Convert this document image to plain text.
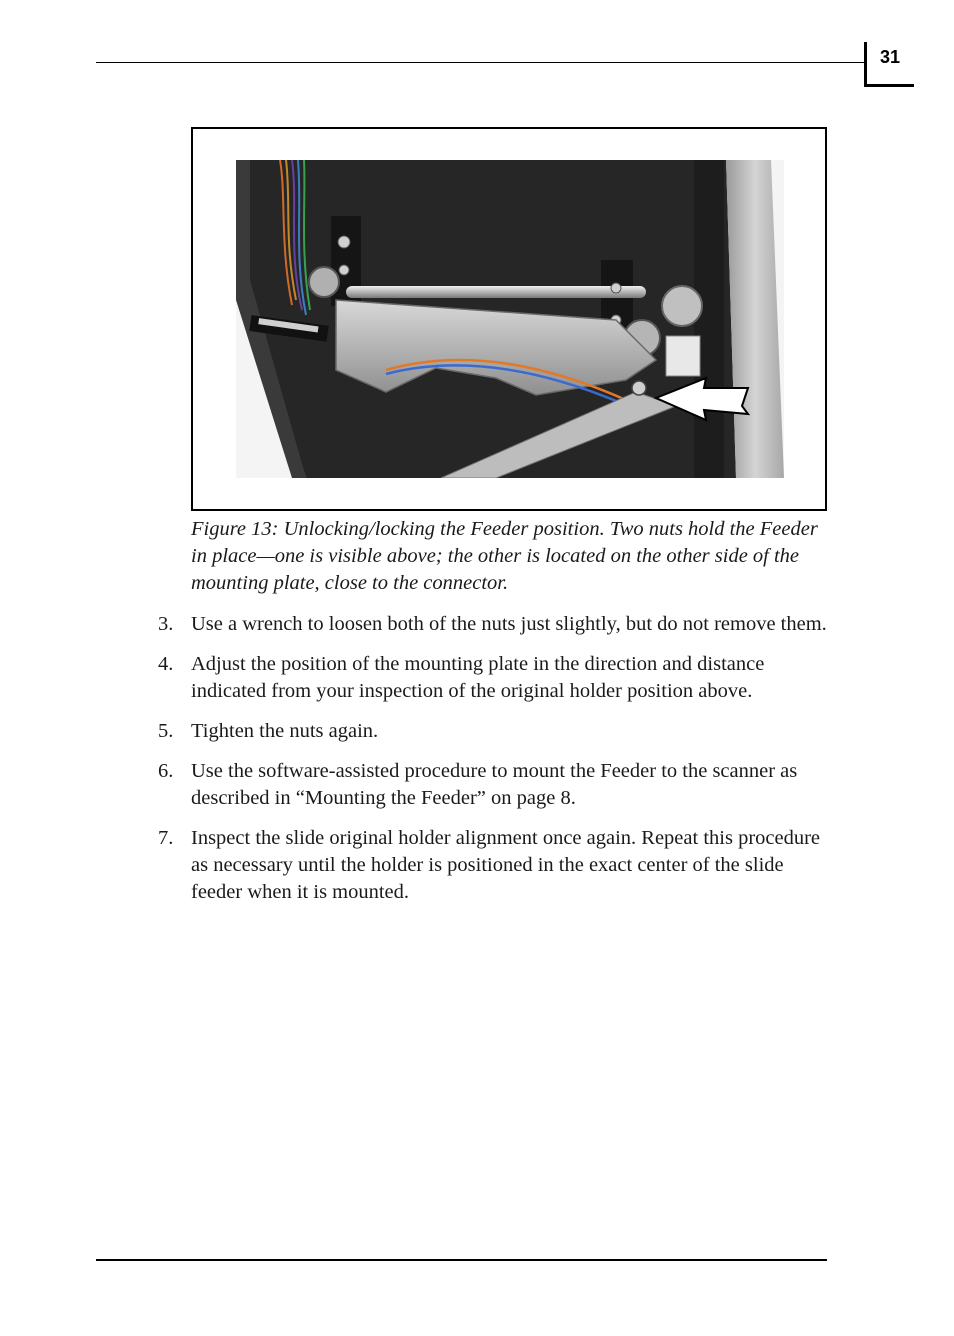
31
Figure 13: Unlocking/locking the Feeder position. Two nuts hold the Feeder in place—one is visible above; the other is located on the other side of the mounting plate, close to the connector.
3. Use a wrench to loosen both of the nuts just slightly, but do not remove them.
4. Adjust the position of the mounting plate in the direction and distance indicated from your inspection of the original holder position above.
5. Tighten the nuts again.
6. Use the software-assisted procedure to mount the Feeder to the scanner as described in “Mounting the Feeder” on page 8.
7. Inspect the slide original holder alignment once again. Repeat this procedure as necessary until the holder is positioned in the exact center of the slide feeder when it is mounted.
